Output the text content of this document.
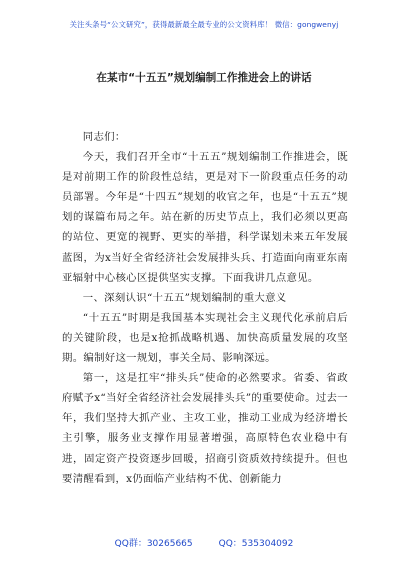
关注头条号“公文研究”，获得最新最全最专业的公文资料库！ 微信：gongwenyj
在某市“十五五”规划编制工作推进会上的讲话

同志们：

今天，我们召开全市“十五五”规划编制工作推进会，既是对前期工作的阶段性总结，更是对下一阶段重点任务的动员部署。今年是“十四五”规划的收官之年，也是“十五五”规划的谋篇布局之年。站在新的历史节点上，我们必须以更高的站位、更宽的视野、更实的举措，科学谋划未来五年发展蓝图，为x当好全省经济社会发展排头兵、打造面向南亚东南亚辐射中心核心区提供坚实支撑。下面我讲几点意见。

一、深刻认识“十五五”规划编制的重大意义

“十五五”时期是我国基本实现社会主义现代化承前启后的关键阶段，也是x抢抓战略机遇、加快高质量发展的攻坚期。编制好这一规划，事关全局、影响深远。

第一，这是扛牢“排头兵”使命的必然要求。省委、省政府赋予x“当好全省经济社会发展排头兵”的重要使命。过去一年，我们坚持大抓产业、主攻工业，推动工业成为经济增长主引擎，服务业支撑作用显著增强，高原特色农业稳中有进，固定资产投资逐步回暖，招商引资质效持续提升。但也要清醒看到，x仍面临产业结构不优、创新能力

QQ群：30265665	QQ：535304092
